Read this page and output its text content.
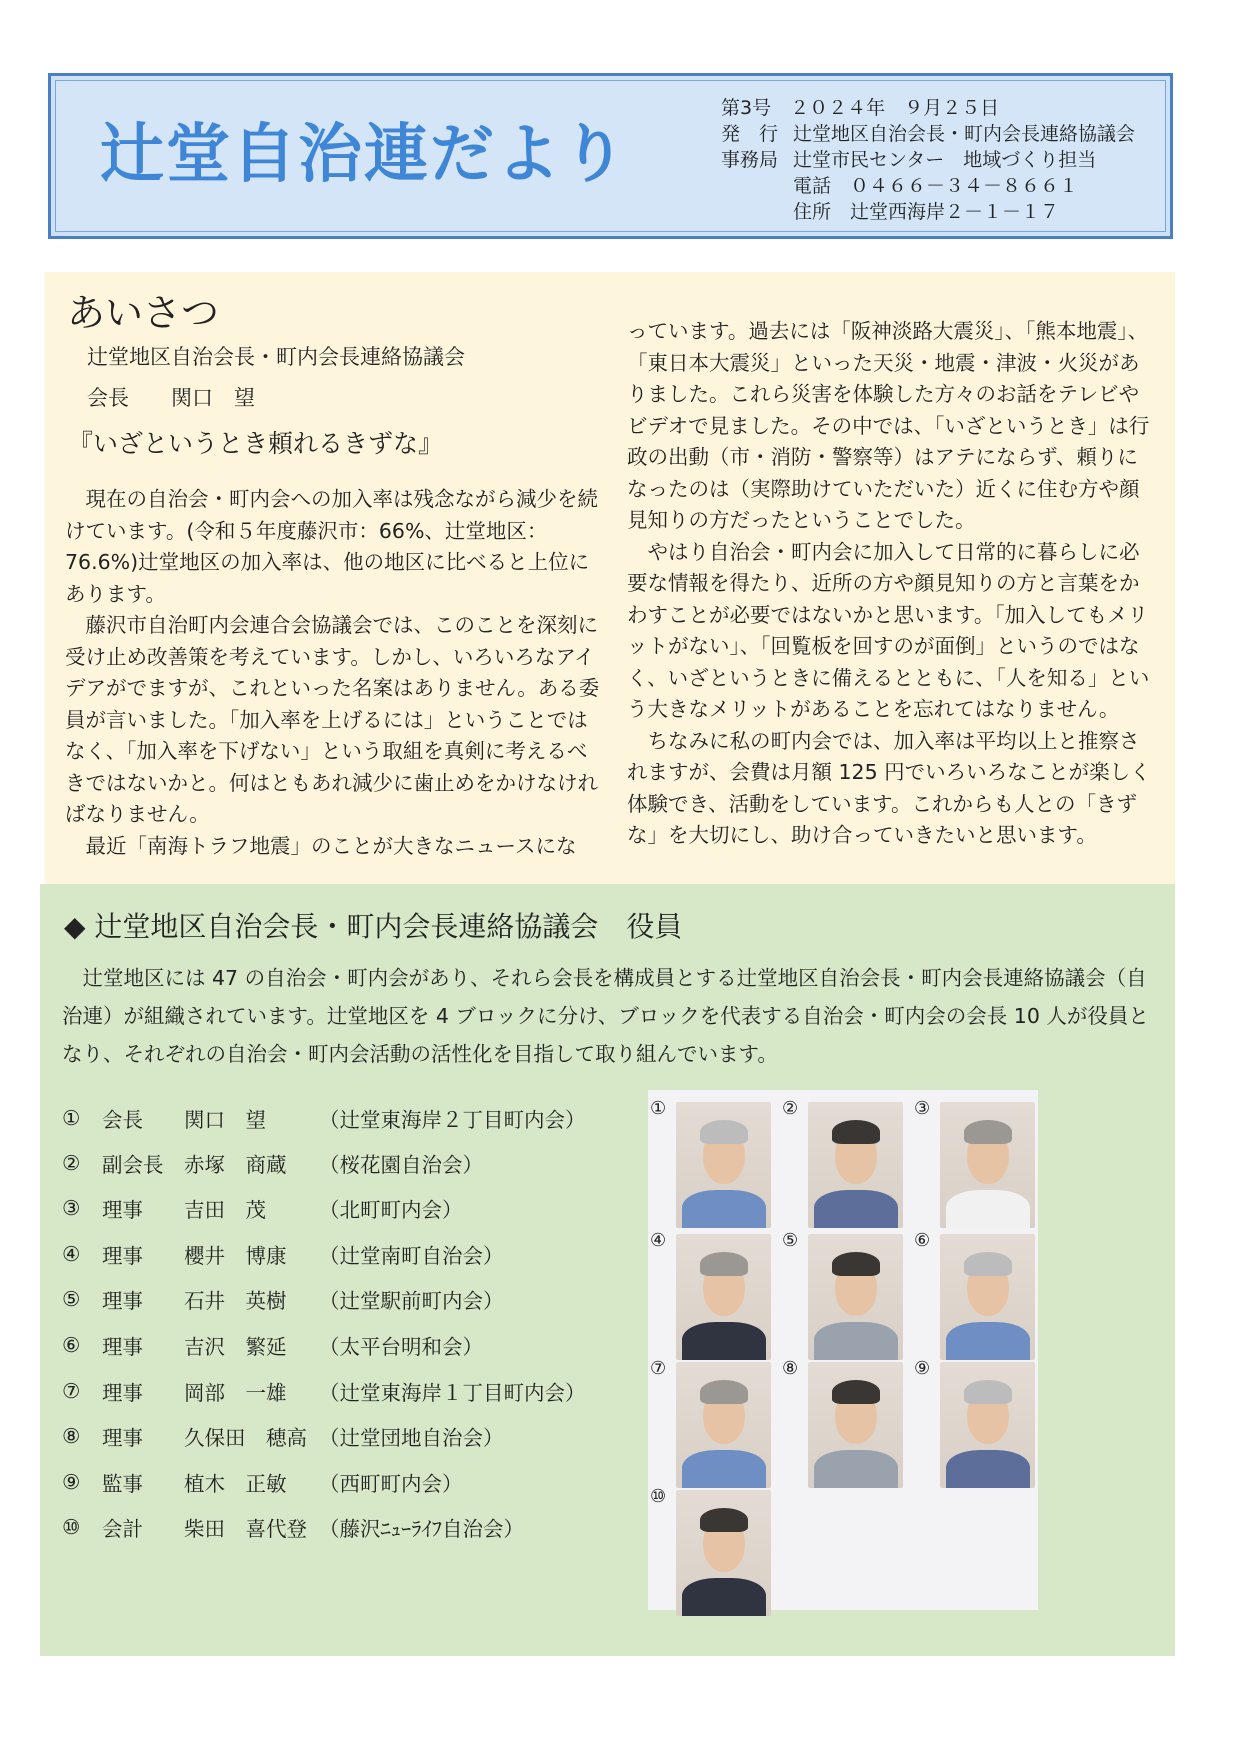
辻堂自治連だより
第3号　２０２４年　９月２５日
発　行 辻堂地区自治会長・町内会長連絡協議会
事務局 辻堂市民センター　地域づくり担当
電話　０４６６－３４－８６６１
住所　辻堂西海岸２－１－１７
あいさつ
辻堂地区自治会長・町内会長連絡協議会
会長　　関口　望
『いざというとき頼れるきずな』

　現在の自治会・町内会への加入率は残念ながら減少を続けています。(令和５年度藤沢市：66%、辻堂地区：76.6%)辻堂地区の加入率は、他の地区に比べると上位にあります。

　藤沢市自治町内会連合会協議会では、このことを深刻に受け止め改善策を考えています。しかし、いろいろなアイデアがでますが、これといった名案はありません。ある委員が言いました。「加入率を上げるには」ということではなく、「加入率を下げない」という取組を真剣に考えるべきではないかと。何はともあれ減少に歯止めをかけなければなりません。

　最近「南海トラフ地震」のことが大きなニュースにな

っています。過去には「阪神淡路大震災」、「熊本地震」、「東日本大震災」といった天災・地震・津波・火災がありました。これら災害を体験した方々のお話をテレビやビデオで見ました。その中では、「いざというとき」は行政の出動（市・消防・警察等）はアテにならず、頼りになったのは（実際助けていただいた）近くに住む方や顔見知りの方だったということでした。

　やはり自治会・町内会に加入して日常的に暮らしに必要な情報を得たり、近所の方や顔見知りの方と言葉をかわすことが必要ではないかと思います。「加入してもメリットがない」、「回覧板を回すのが面倒」というのではなく、いざというときに備えるとともに、「人を知る」という大きなメリットがあることを忘れてはなりません。

　ちなみに私の町内会では、加入率は平均以上と推察されますが、会費は月額 125 円でいろいろなことが楽しく体験でき、活動をしています。これからも人との「きずな」を大切にし、助け合っていきたいと思います。

◆ 辻堂地区自治会長・町内会長連絡協議会　役員

辻堂地区には 47 の自治会・町内会があり、それら会長を構成員とする辻堂地区自治会長・町内会長連絡協議会（自治連）が組織されています。辻堂地区を 4 ブロックに分け、ブロックを代表する自治会・町内会の会長 10 人が役員となり、それぞれの自治会・町内会活動の活性化を目指して取り組んでいます。

①	会長	関口　望	（辻堂東海岸２丁目町内会）
②	副会長	赤塚　商蔵	（桜花園自治会）
③	理事	吉田　茂	（北町町内会）
④	理事	櫻井　博康	（辻堂南町自治会）
⑤	理事	石井　英樹	（辻堂駅前町内会）
⑥	理事	吉沢　繁延	（太平台明和会）
⑦	理事	岡部　一雄	（辻堂東海岸１丁目町内会）
⑧	理事	久保田　穂高 （辻堂団地自治会）
⑨	監事	植木　正敏	（西町町内会）
⑩	会計	柴田　喜代登 （藤沢ﾆｭｰﾗｲﾌ自治会）
①	②	③
④	⑤	⑥
⑦	⑧	⑨
⑩
